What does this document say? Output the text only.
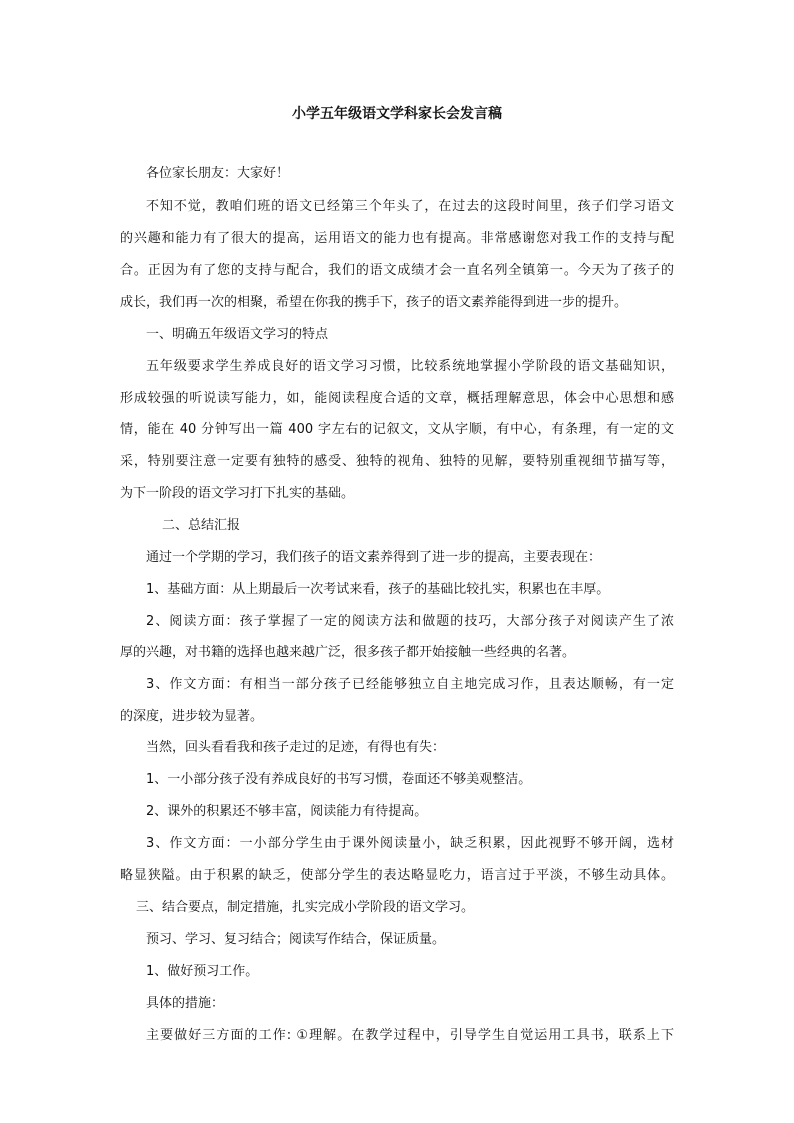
小学五年级语文学科家长会发言稿
各位家长朋友：大家好！
不知不觉，教咱们班的语文已经第三个年头了，在过去的这段时间里，孩子们学习语文
的兴趣和能力有了很大的提高，运用语文的能力也有提高。非常感谢您对我工作的支持与配
合。正因为有了您的支持与配合，我们的语文成绩才会一直名列全镇第一。今天为了孩子的
成长，我们再一次的相聚，希望在你我的携手下，孩子的语文素养能得到进一步的提升。
一、明确五年级语文学习的特点
五年级要求学生养成良好的语文学习习惯，比较系统地掌握小学阶段的语文基础知识，
形成较强的听说读写能力，如，能阅读程度合适的文章，概括理解意思，体会中心思想和感
情，能在 40 分钟写出一篇 400 字左右的记叙文，文从字顺，有中心，有条理，有一定的文
采，特别要注意一定要有独特的感受、独特的视角、独特的见解，要特别重视细节描写等，
为下一阶段的语文学习打下扎实的基础。
二、总结汇报
通过一个学期的学习，我们孩子的语文素养得到了进一步的提高，主要表现在：
1、基础方面：从上期最后一次考试来看，孩子的基础比较扎实，积累也在丰厚。
2、阅读方面：孩子掌握了一定的阅读方法和做题的技巧，大部分孩子对阅读产生了浓
厚的兴趣，对书籍的选择也越来越广泛，很多孩子都开始接触一些经典的名著。
3、作文方面：有相当一部分孩子已经能够独立自主地完成习作，且表达顺畅，有一定
的深度，进步较为显著。
当然，回头看看我和孩子走过的足迹，有得也有失：
1、一小部分孩子没有养成良好的书写习惯，卷面还不够美观整洁。
2、课外的积累还不够丰富，阅读能力有待提高。
3、作文方面：一小部分学生由于课外阅读量小，缺乏积累，因此视野不够开阔，选材
略显狭隘。由于积累的缺乏，使部分学生的表达略显吃力，语言过于平淡，不够生动具体。
三、结合要点，制定措施，扎实完成小学阶段的语文学习。
预习、学习、复习结合；阅读写作结合，保证质量。
1、做好预习工作。
具体的措施：
主要做好三方面的工作: ①理解。在教学过程中，引导学生自觉运用工具书，联系上下
